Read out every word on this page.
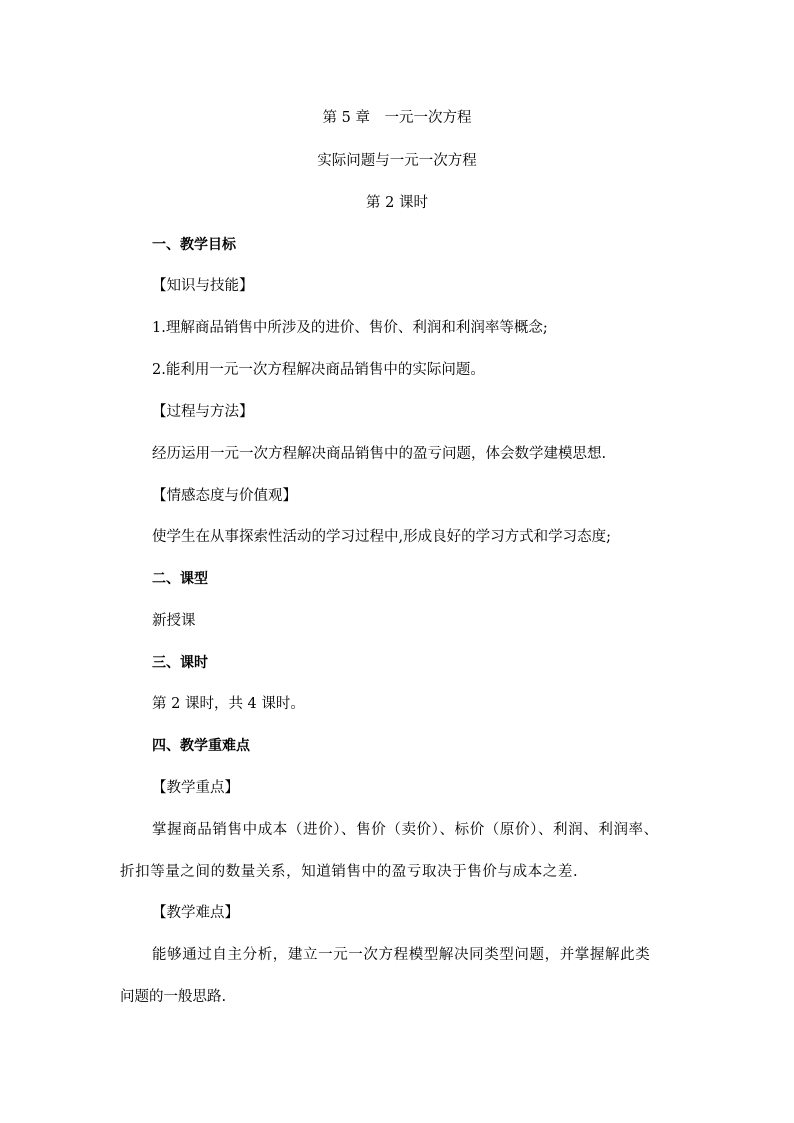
第 5 章　一元一次方程
实际问题与一元一次方程
第 2 课时
一、教学目标
【知识与技能】
1.理解商品销售中所涉及的进价、售价、利润和利润率等概念;
2.能利用一元一次方程解决商品销售中的实际问题。
【过程与方法】
经历运用一元一次方程解决商品销售中的盈亏问题，体会数学建模思想.
【情感态度与价值观】
使学生在从事探索性活动的学习过程中,形成良好的学习方式和学习态度;
二、课型
新授课
三、课时
第 2 课时，共 4 课时。
四、教学重难点
【教学重点】
掌握商品销售中成本（进价）、售价（卖价）、标价（原价）、利润、利润率、
折扣等量之间的数量关系，知道销售中的盈亏取决于售价与成本之差.
【教学难点】
能够通过自主分析，建立一元一次方程模型解决同类型问题，并掌握解此类
问题的一般思路.
